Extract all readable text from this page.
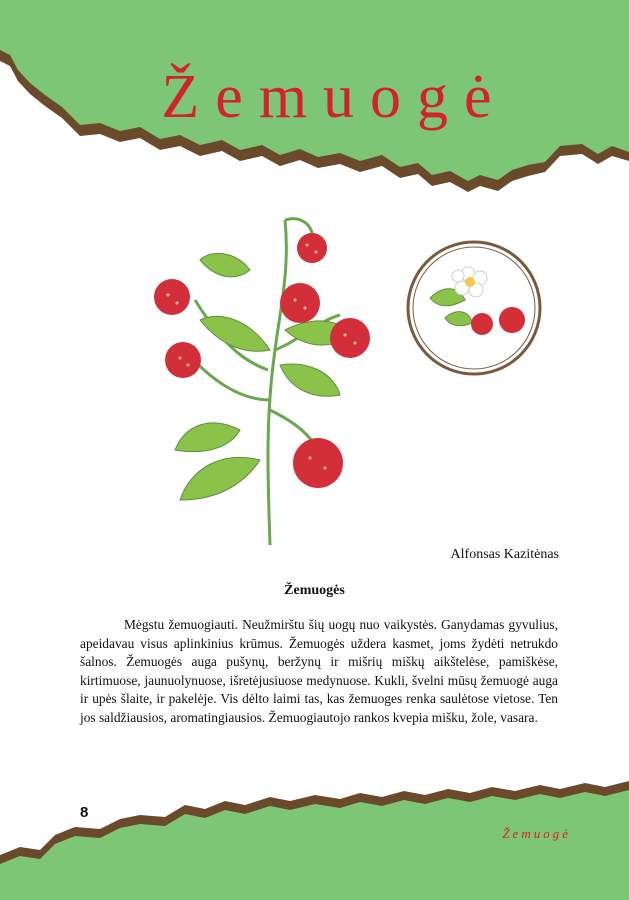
Žemuogė
Alfonsas Kazitėnas
Žemuogės

Mėgstu žemuogiauti. Neužmirštu šių uogų nuo vaikystės. Ganydamas gyvulius, apeidavau visus aplinkinius krūmus. Žemuogės uždera kasmet, joms žydėti netrukdo šalnos. Žemuogės auga pušynų, beržynų ir mišrių miškų aikštelėse, pamiškėse, kirtimuose, jaunuolynuose, išretėjusiuose medynuose. Kukli, švelni mūsų žemuogė auga ir upės šlaite, ir pakelėje. Vis dėlto laimi tas, kas žemuoges renka saulėtose vietose. Ten jos saldžiausios, aromatingiausios. Žemuogiautojo rankos kvepia mišku, žole, vasara.

8
Žemuogė
